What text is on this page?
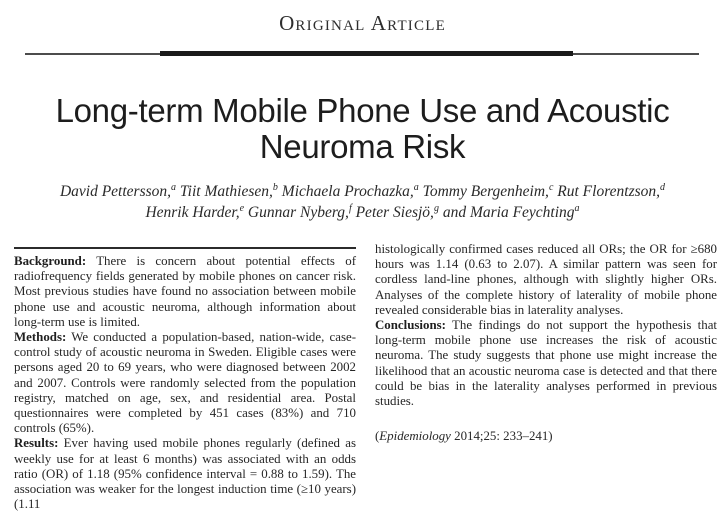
Original Article
Long-term Mobile Phone Use and Acoustic Neuroma Risk
David Pettersson,$^a$ Tiit Mathiesen,$^b$ Michaela Prochazka,$^a$ Tommy Bergenheim,$^c$ Rut Florentzson,$^d$
Henrik Harder,$^e$ Gunnar Nyberg,$^f$ Peter Siesjö,$^g$ and Maria Feychting$^a$

Background: There is concern about potential effects of radiofrequency fields generated by mobile phones on cancer risk. Most previous studies have found no association between mobile phone use and acoustic neuroma, although information about long-term use is limited.

Methods: We conducted a population-based, nation-wide, case-control study of acoustic neuroma in Sweden. Eligible cases were persons aged 20 to 69 years, who were diagnosed between 2002 and 2007. Controls were randomly selected from the population registry, matched on age, sex, and residential area. Postal questionnaires were completed by 451 cases (83%) and 710 controls (65%).

Results: Ever having used mobile phones regularly (defined as weekly use for at least 6 months) was associated with an odds ratio (OR) of 1.18 (95% confidence interval = 0.88 to 1.59). The association was weaker for the longest induction time (≥10 years) (1.11

histologically confirmed cases reduced all ORs; the OR for ≥680 hours was 1.14 (0.63 to 2.07). A similar pattern was seen for cordless land-line phones, although with slightly higher ORs. Analyses of the complete history of laterality of mobile phone revealed considerable bias in laterality analyses.

Conclusions: The findings do not support the hypothesis that long-term mobile phone use increases the risk of acoustic neuroma. The study suggests that phone use might increase the likelihood that an acoustic neuroma case is detected and that there could be bias in the laterality analyses performed in previous studies.

(Epidemiology 2014;25: 233–241)
